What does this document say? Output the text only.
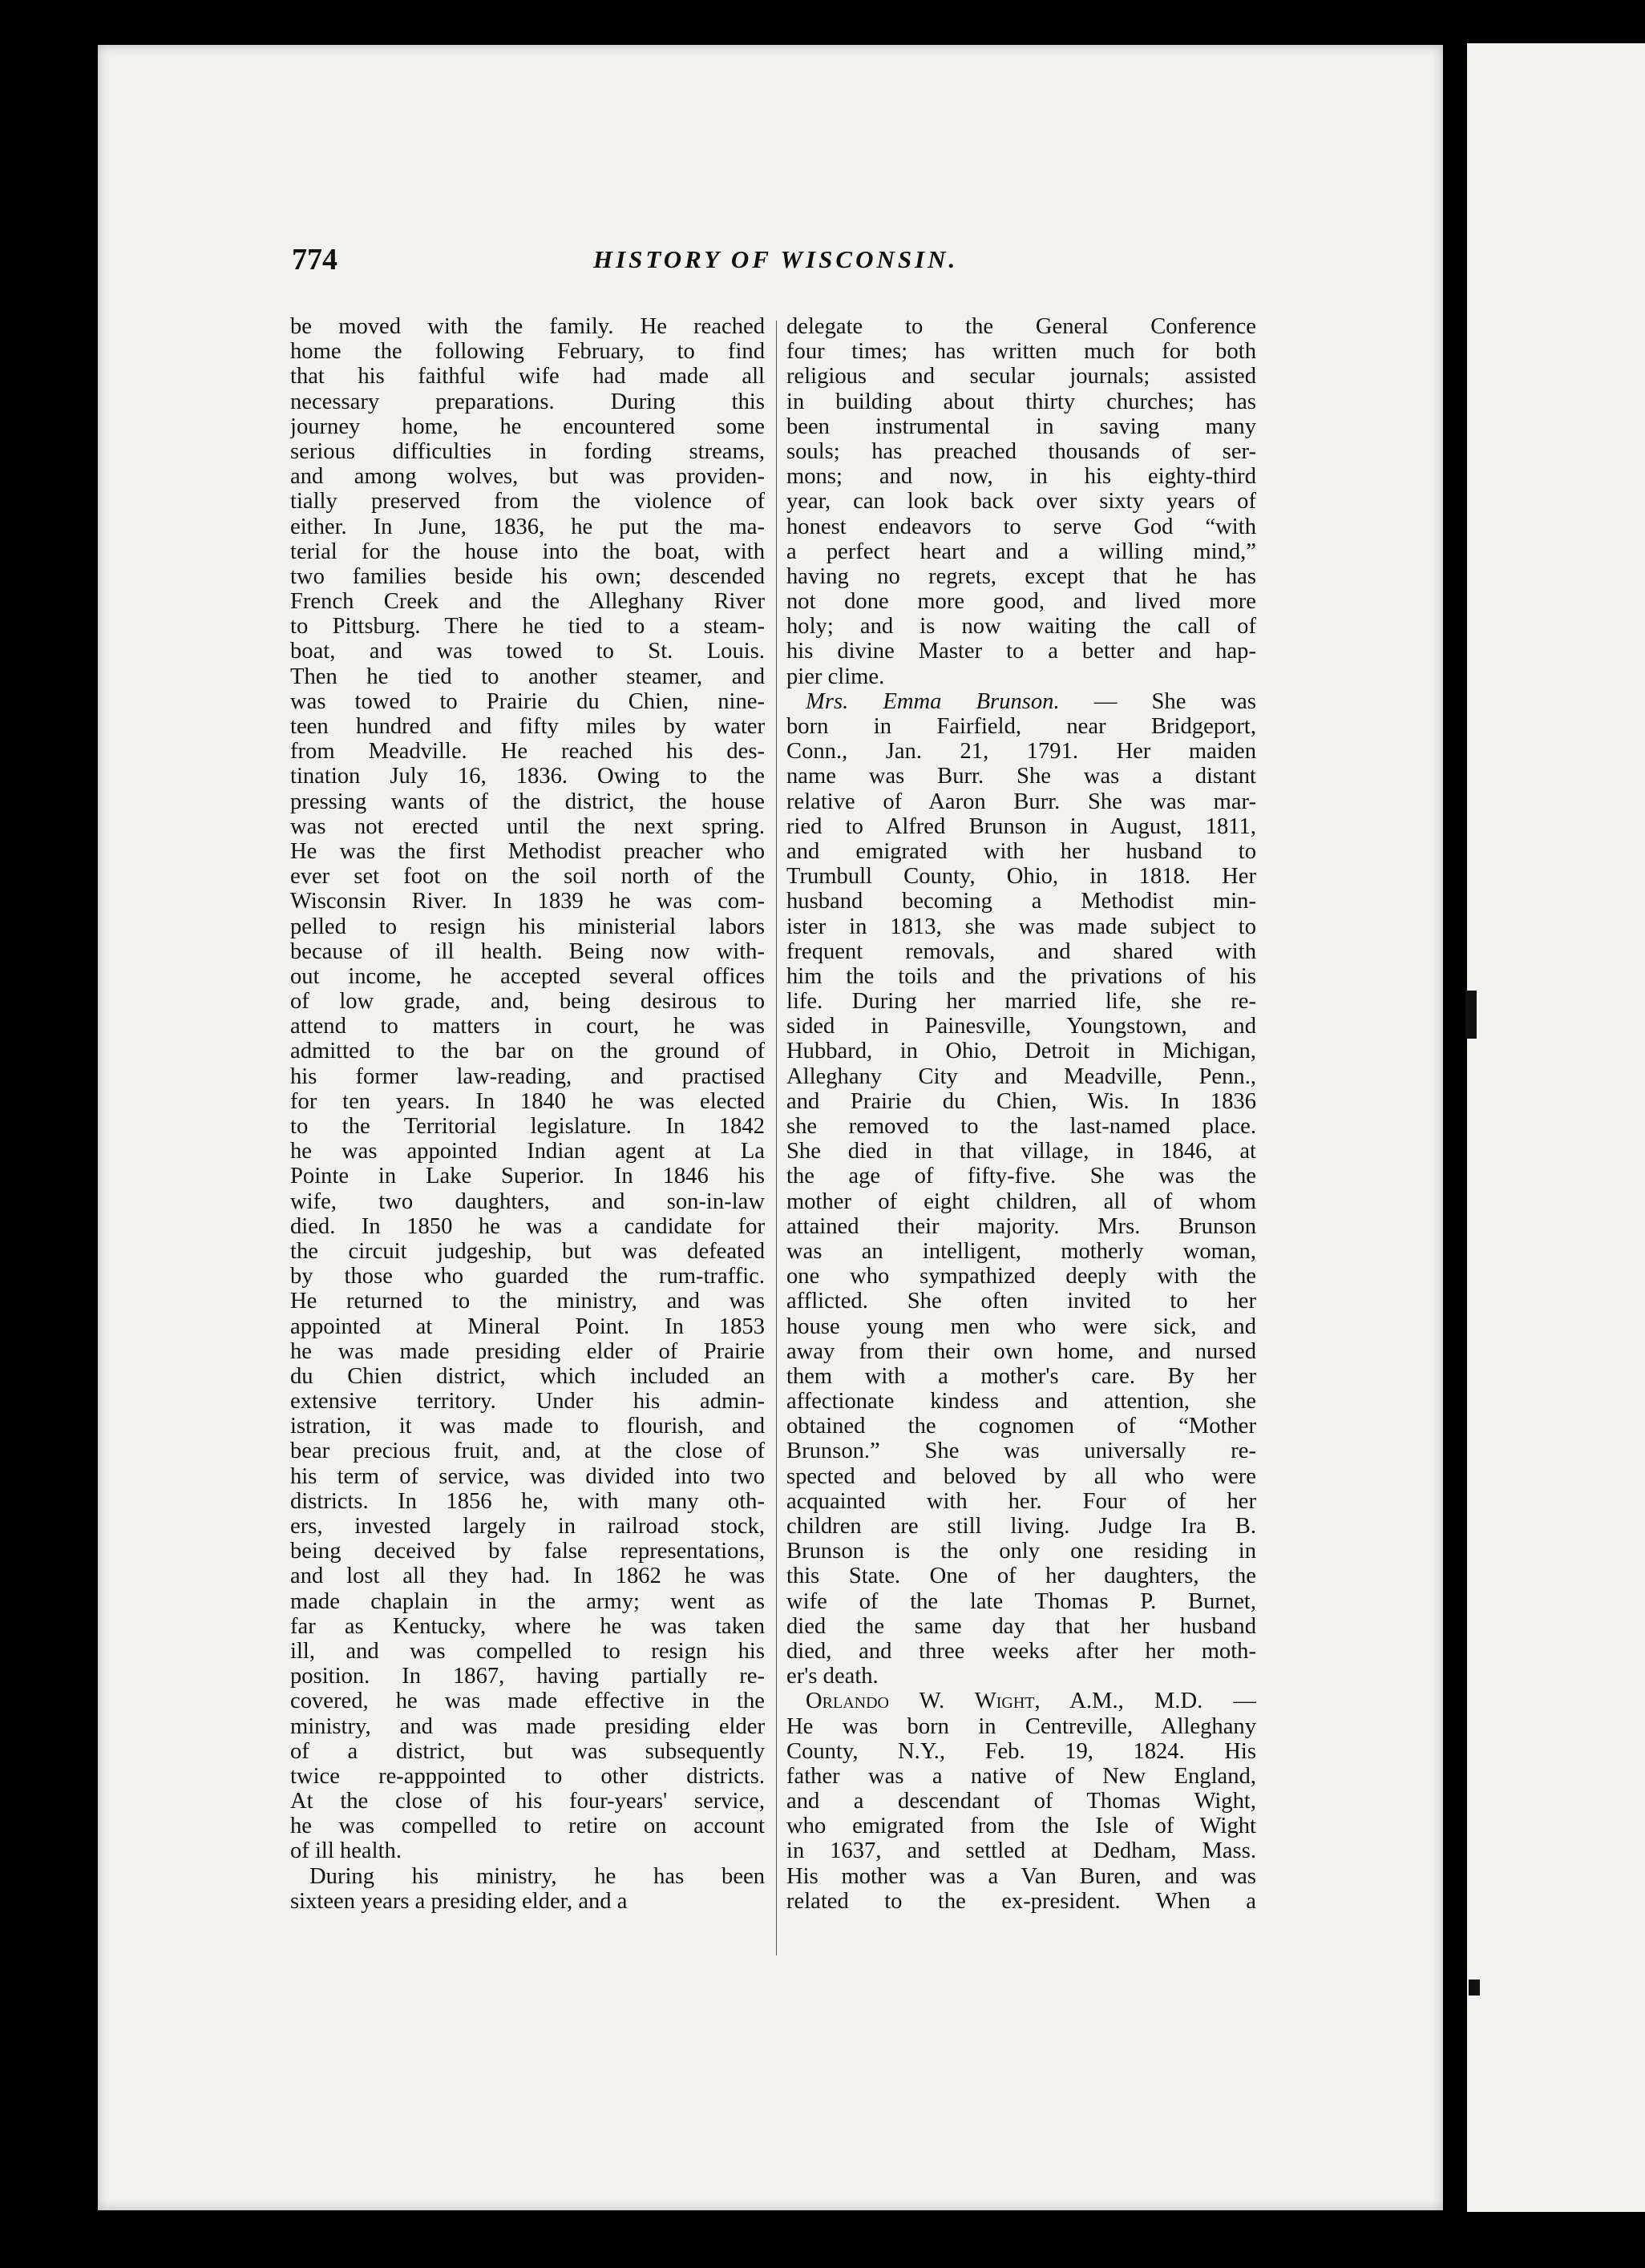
774	HISTORY OF WISCONSIN.
be moved with the family. He reached
home the following February, to find
that his faithful wife had made all
necessary preparations. During this
journey home, he encountered some
serious difficulties in fording streams,
and among wolves, but was providen-
tially preserved from the violence of
either. In June, 1836, he put the ma-
terial for the house into the boat, with
two families beside his own; descended
French Creek and the Alleghany River
to Pittsburg. There he tied to a steam-
boat, and was towed to St. Louis.
Then he tied to another steamer, and
was towed to Prairie du Chien, nine-
teen hundred and fifty miles by water
from Meadville. He reached his des-
tination July 16, 1836. Owing to the
pressing wants of the district, the house
was not erected until the next spring.
He was the first Methodist preacher who
ever set foot on the soil north of the
Wisconsin River. In 1839 he was com-
pelled to resign his ministerial labors
because of ill health. Being now with-
out income, he accepted several offices
of low grade, and, being desirous to
attend to matters in court, he was
admitted to the bar on the ground of
his former law-reading, and practised
for ten years. In 1840 he was elected
to the Territorial legislature. In 1842
he was appointed Indian agent at La
Pointe in Lake Superior. In 1846 his
wife, two daughters, and son-in-law
died. In 1850 he was a candidate for
the circuit judgeship, but was defeated
by those who guarded the rum-traffic.
He returned to the ministry, and was
appointed at Mineral Point. In 1853
he was made presiding elder of Prairie
du Chien district, which included an
extensive territory. Under his admin-
istration, it was made to flourish, and
bear precious fruit, and, at the close of
his term of service, was divided into two
districts. In 1856 he, with many oth-
ers, invested largely in railroad stock,
being deceived by false representations,
and lost all they had. In 1862 he was
made chaplain in the army; went as
far as Kentucky, where he was taken
ill, and was compelled to resign his
position. In 1867, having partially re-
covered, he was made effective in the
ministry, and was made presiding elder
of a district, but was subsequently
twice re-apppointed to other districts.
At the close of his four-years' service,
he was compelled to retire on account
of ill health.
During his ministry, he has been
sixteen years a presiding elder, and a
delegate to the General Conference
four times; has written much for both
religious and secular journals; assisted
in building about thirty churches; has
been instrumental in saving many
souls; has preached thousands of ser-
mons; and now, in his eighty-third
year, can look back over sixty years of
honest endeavors to serve God “with
a perfect heart and a willing mind,”
having no regrets, except that he has
not done more good, and lived more
holy; and is now waiting the call of
his divine Master to a better and hap-
pier clime.
Mrs. Emma Brunson. — She was
born in Fairfield, near Bridgeport,
Conn., Jan. 21, 1791. Her maiden
name was Burr. She was a distant
relative of Aaron Burr. She was mar-
ried to Alfred Brunson in August, 1811,
and emigrated with her husband to
Trumbull County, Ohio, in 1818. Her
husband becoming a Methodist min-
ister in 1813, she was made subject to
frequent removals, and shared with
him the toils and the privations of his
life. During her married life, she re-
sided in Painesville, Youngstown, and
Hubbard, in Ohio, Detroit in Michigan,
Alleghany City and Meadville, Penn.,
and Prairie du Chien, Wis. In 1836
she removed to the last-named place.
She died in that village, in 1846, at
the age of fifty-five. She was the
mother of eight children, all of whom
attained their majority. Mrs. Brunson
was an intelligent, motherly woman,
one who sympathized deeply with the
afflicted. She often invited to her
house young men who were sick, and
away from their own home, and nursed
them with a mother's care. By her
affectionate kindess and attention, she
obtained the cognomen of “Mother
Brunson.” She was universally re-
spected and beloved by all who were
acquainted with her. Four of her
children are still living. Judge Ira B.
Brunson is the only one residing in
this State. One of her daughters, the
wife of the late Thomas P. Burnet,
died the same day that her husband
died, and three weeks after her moth-
er's death.
Orlando W. Wight, A.M., M.D. —
He was born in Centreville, Alleghany
County, N.Y., Feb. 19, 1824. His
father was a native of New England,
and a descendant of Thomas Wight,
who emigrated from the Isle of Wight
in 1637, and settled at Dedham, Mass.
His mother was a Van Buren, and was
related to the ex-president. When a
